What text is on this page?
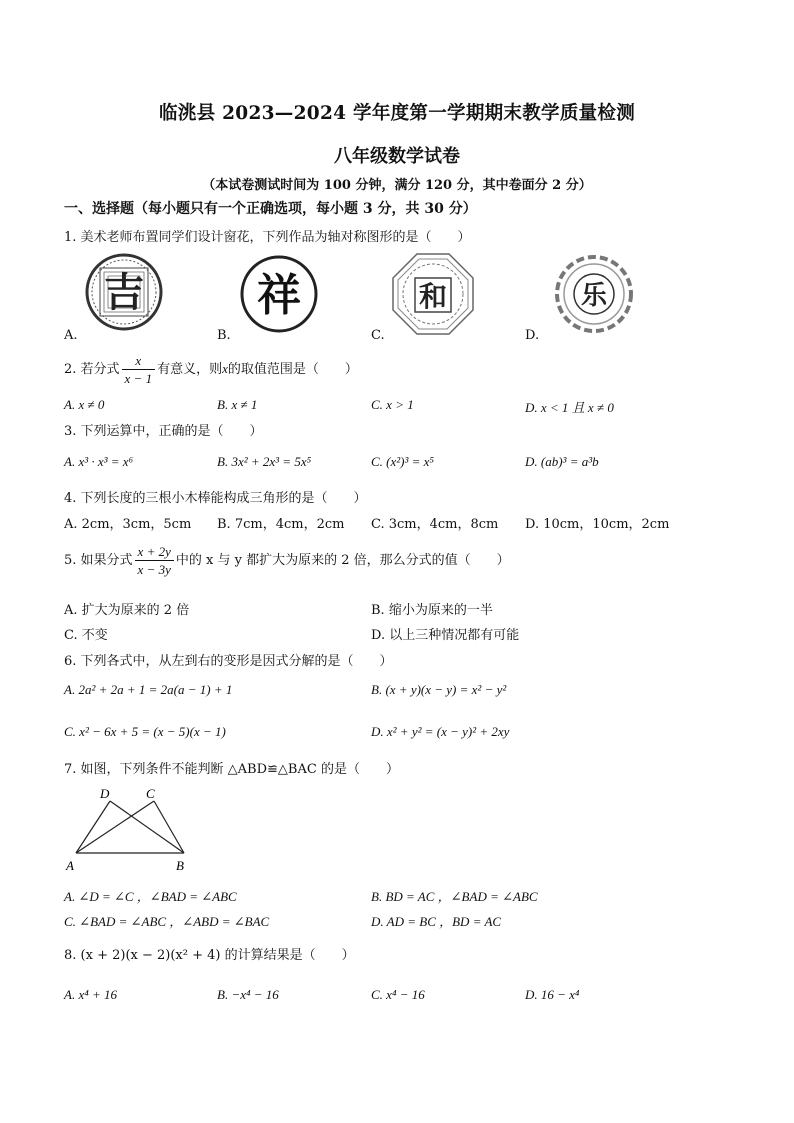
临洮县 2023—2024 学年度第一学期期末教学质量检测
八年级数学试卷
（本试卷测试时间为 100 分钟，满分 120 分，其中卷面分 2 分）
一、选择题（每小题只有一个正确选项，每小题 3 分，共 30 分）
1. 美术老师布置同学们设计窗花，下列作品为轴对称图形的是（　　）
吉	祥	和	乐
A.	B.	C.	D.
2. 若分式 $\frac{x}{x - 1}$ 有意义，则x的取值范围是（　　）
A. x ≠ 0	B. x ≠ 1	C. x > 1	D. x < 1 且 x ≠ 0
3. 下列运算中，正确的是（　　）
A. x³ · x³ = x⁶	B. 3x² + 2x³ = 5x⁵	C. (x²)³ = x⁵	D. (ab)³ = a³b
4. 下列长度的三根小木棒能构成三角形的是（　　）
A. 2cm，3cm，5cm B. 7cm，4cm，2cm C. 3cm，4cm，8cm D. 10cm，10cm，2cm
5. 如果分式 $\frac{x + 2y}{x - 3y}$ 中的 x 与 y 都扩大为原来的 2 倍，那么分式的值（　　）
A. 扩大为原来的 2 倍	B. 缩小为原来的一半
C. 不变	D. 以上三种情况都有可能
6. 下列各式中，从左到右的变形是因式分解的是（　　）
A. 2a² + 2a + 1 = 2a(a − 1) + 1	B. (x + y)(x − y) = x² − y²
C. x² − 6x + 5 = (x − 5)(x − 1)	D. x² + y² = (x − y)² + 2xy
7. 如图，下列条件不能判断 △ABD≌△BAC 的是（　　）
D	C
A	B
A. ∠D = ∠C ，∠BAD = ∠ABC	B. BD = AC ，∠BAD = ∠ABC
C. ∠BAD = ∠ABC ，∠ABD = ∠BAC	D. AD = BC ，BD = AC
8. (x + 2)(x − 2)(x² + 4) 的计算结果是（　　）
A. x⁴ + 16	B. −x⁴ − 16	C. x⁴ − 16	D. 16 − x⁴
